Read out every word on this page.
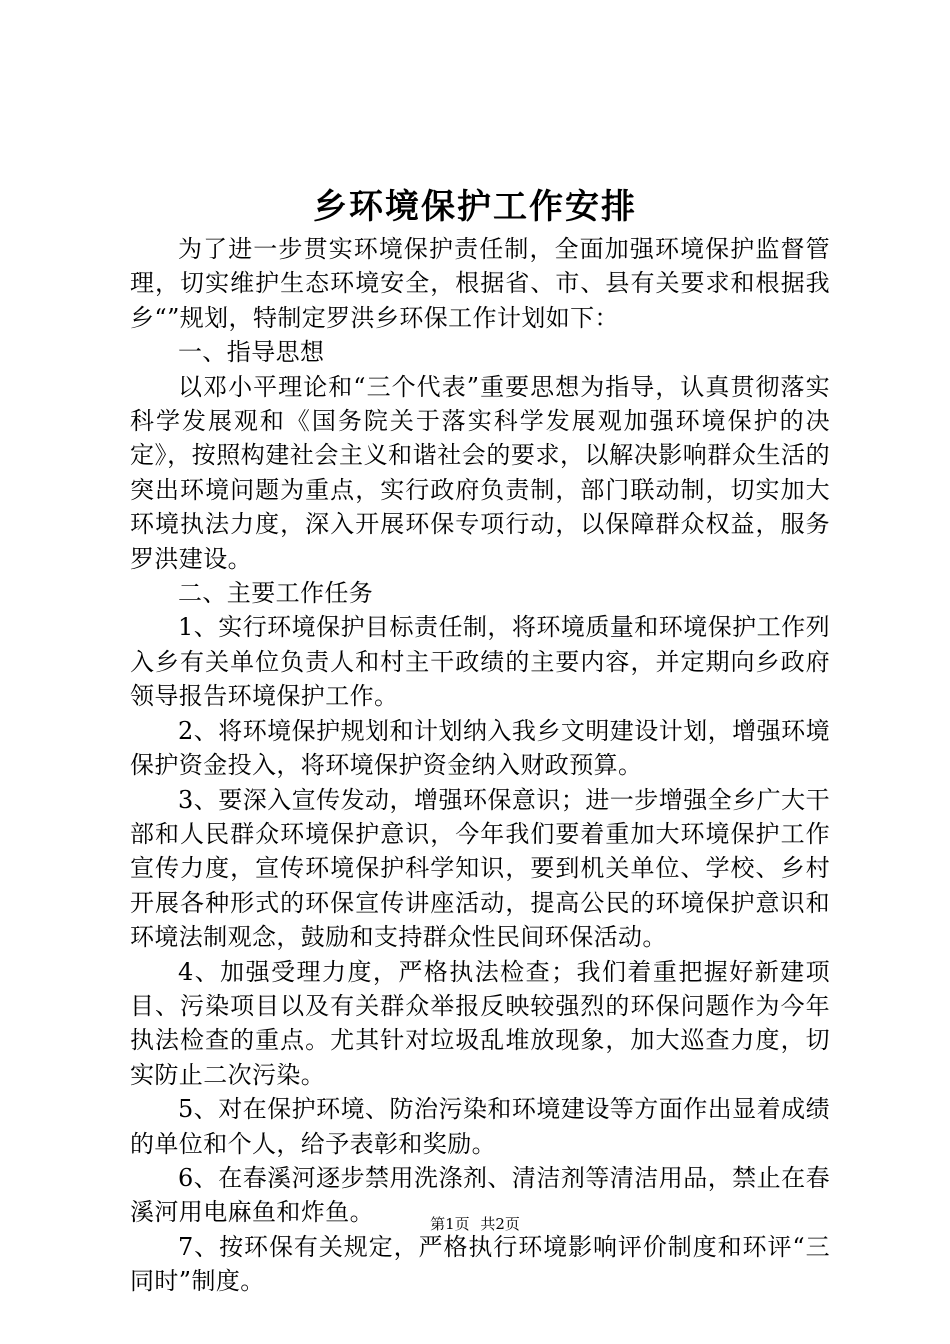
乡环境保护工作安排

为了进一步贯实环境保护责任制，全面加强环境保护监督管理，切实维护生态环境安全，根据省、市、县有关要求和根据我乡“”规划，特制定罗洪乡环保工作计划如下：

一、指导思想

以邓小平理论和“三个代表”重要思想为指导，认真贯彻落实科学发展观和《国务院关于落实科学发展观加强环境保护的决定》，按照构建社会主义和谐社会的要求，以解决影响群众生活的突出环境问题为重点，实行政府负责制，部门联动制，切实加大环境执法力度，深入开展环保专项行动，以保障群众权益，服务罗洪建设。

二、主要工作任务

1、实行环境保护目标责任制，将环境质量和环境保护工作列入乡有关单位负责人和村主干政绩的主要内容，并定期向乡政府领导报告环境保护工作。

2、将环境保护规划和计划纳入我乡文明建设计划，增强环境保护资金投入，将环境保护资金纳入财政预算。

3、要深入宣传发动，增强环保意识；进一步增强全乡广大干部和人民群众环境保护意识，今年我们要着重加大环境保护工作宣传力度，宣传环境保护科学知识，要到机关单位、学校、乡村开展各种形式的环保宣传讲座活动，提高公民的环境保护意识和环境法制观念，鼓励和支持群众性民间环保活动。

4、加强受理力度，严格执法检查；我们着重把握好新建项目、污染项目以及有关群众举报反映较强烈的环保问题作为今年执法检查的重点。尤其针对垃圾乱堆放现象，加大巡查力度，切实防止二次污染。

5、对在保护环境、防治污染和环境建设等方面作出显着成绩的单位和个人，给予表彰和奖励。

6、在春溪河逐步禁用洗涤剂、清洁剂等清洁用品，禁止在春溪河用电麻鱼和炸鱼。

7、按环保有关规定，严格执行环境影响评价制度和环评“三同时”制度。

第1页 共2页
